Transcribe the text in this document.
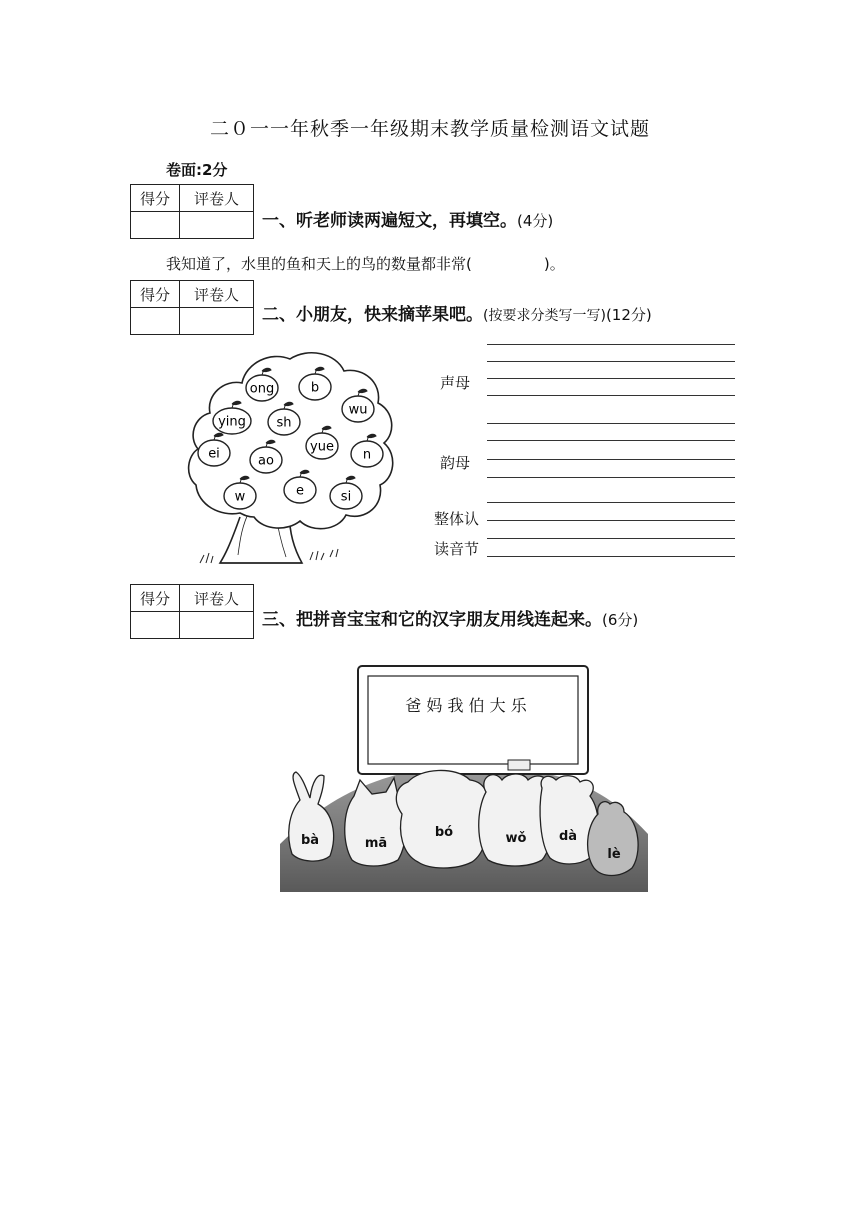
二０一一年秋季一年级期末教学质量检测语文试题
卷面:2分
得分	评卷人

一、听老师读两遍短文，再填空。(4分)
我知道了，水里的鱼和天上的鸟的数量都非常(	)。
得分	评卷人

二、小朋友，快来摘苹果吧。(按要求分类写一写)(12分)
ong	b
wu
ying sh
ei	ao
yue
n
w	e	si
声母
韵母
整体认
读音节
得分	评卷人

三、把拼音宝宝和它的汉字朋友用线连起来。(6分)
爸 妈 我 伯 大 乐
bà	mā
bó	wǒ dà
lè
